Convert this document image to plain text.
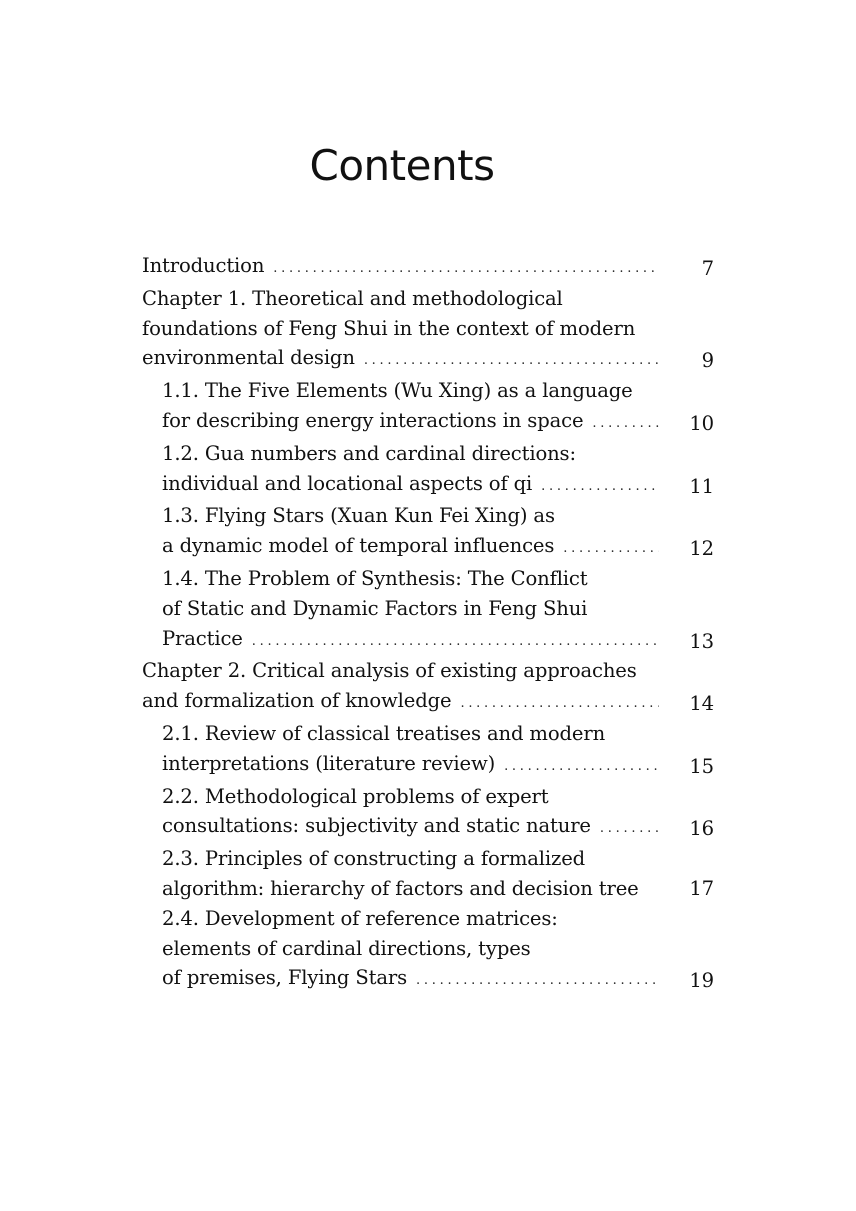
Contents
Introduction . . .	7
Chapter 1. Theoretical and methodological
foundations of Feng Shui in the context of modern
environmental design . . .	9
1.1. The Five Elements (Wu Xing) as a language
for describing energy interactions in space . . .	10
1.2. Gua numbers and cardinal directions:
individual and locational aspects of qi . . .	11
1.3. Flying Stars (Xuan Kun Fei Xing) as
a dynamic model of temporal influences . . .	12
1.4. The Problem of Synthesis: The Conflict
of Static and Dynamic Factors in Feng Shui
Practice . . .	13
Chapter 2. Critical analysis of existing approaches
and formalization of knowledge . . .	14
2.1. Review of classical treatises and modern
interpretations (literature review) . . .	15
2.2. Methodological problems of expert
consultations: subjectivity and static nature . . .	16
2.3. Principles of constructing a formalized
algorithm: hierarchy of factors and decision tree	17
2.4. Development of reference matrices:
elements of cardinal directions, types
of premises, Flying Stars . . .	19
